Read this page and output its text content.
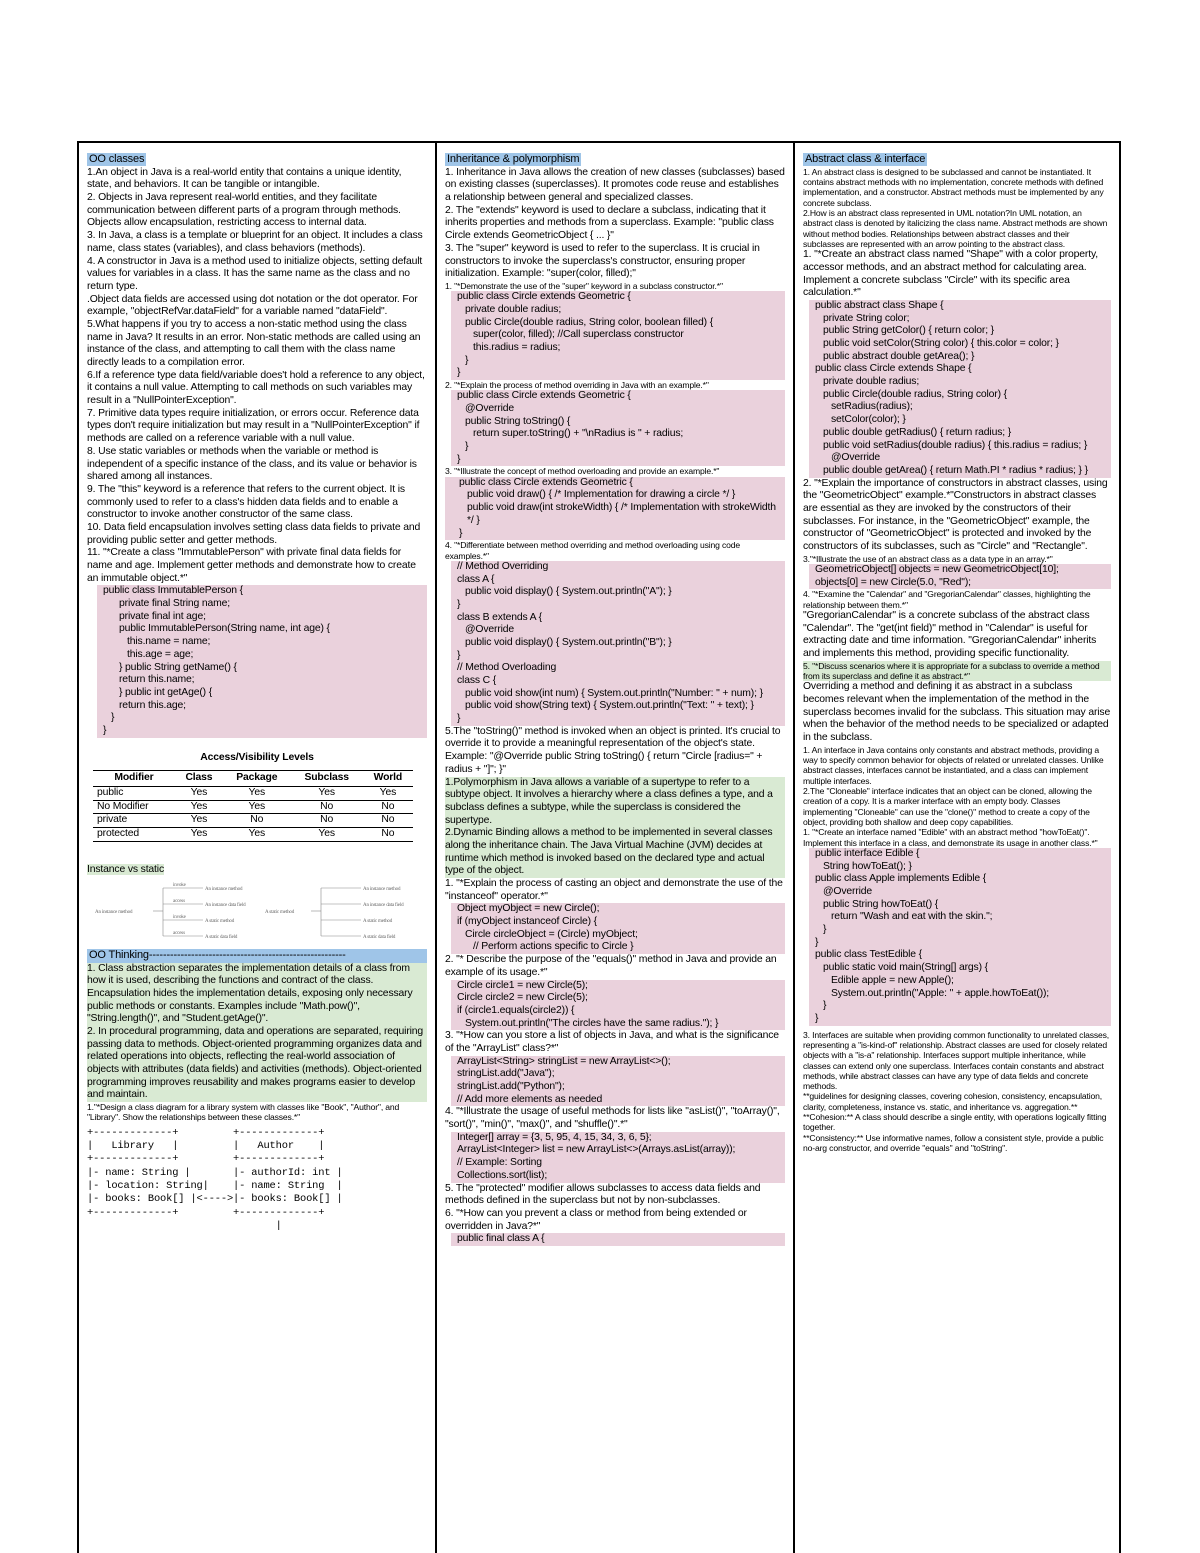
OO classes

1.An object in Java is a real-world entity that contains a unique identity, state, and behaviors. It can be tangible or intangible.

2. Objects in Java represent real-world entities, and they facilitate communication between different parts of a program through methods. Objects allow encapsulation, restricting access to internal data.

3. In Java, a class is a template or blueprint for an object. It includes a class name, class states (variables), and class behaviors (methods).

4. A constructor in Java is a method used to initialize objects, setting default values for variables in a class. It has the same name as the class and no return type.

.Object data fields are accessed using dot notation or the dot operator. For example, "objectRefVar.dataField" for a variable named "dataField".

5.What happens if you try to access a non-static method using the class name in Java? It results in an error. Non-static methods are called using an instance of the class, and attempting to call them with the class name directly leads to a compilation error.

6.If a reference type data field/variable does't hold a reference to any object, it contains a null value. Attempting to call methods on such variables may result in a "NullPointerException".

7. Primitive data types require initialization, or errors occur. Reference data types don't require initialization but may result in a "NullPointerException" if methods are called on a reference variable with a null value.

8. Use static variables or methods when the variable or method is independent of a specific instance of the class, and its value or behavior is shared among all instances.

9. The "this" keyword is a reference that refers to the current object. It is commonly used to refer to a class's hidden data fields and to enable a constructor to invoke another constructor of the same class.

10. Data field encapsulation involves setting class data fields to private and providing public setter and getter methods.

11. "*Create a class "ImmutablePerson" with private final data fields for name and age. Implement getter methods and demonstrate how to create an immutable object.*"

public class ImmutablePerson {
private final String name;
private final int age;
public ImmutablePerson(String name, int age) {
this.name = name;
this.age = age;
} public String getName() {
return this.name;
} public int getAge() {
return this.age;
}
}
Access/Visibility Levels
Modifier	Class	Package	Subclass	World
public	Yes	Yes	Yes	Yes
No Modifier	Yes	Yes	No	No
private	Yes	No	No	No
protected	Yes	Yes	Yes	No
Instance vs static
An instance method
invoke
access
invoke
access
An instance method
An instance data field
A static method
A static data field
A static method
An instance method
An instance data field
A static method
A static data field
OO Thinking--------------------------------------------------------

1. Class abstraction separates the implementation details of a class from how it is used, describing the functions and contract of the class. Encapsulation hides the implementation details, exposing only necessary public methods or constants. Examples include "Math.pow()", "String.length()", and "Student.getAge()".

2. In procedural programming, data and operations are separated, requiring passing data to methods. Object-oriented programming organizes data and related operations into objects, reflecting the real-world association of objects with attributes (data fields) and activities (methods). Object-oriented programming improves reusability and makes programs easier to develop and maintain.

1."*Design a class diagram for a library system with classes like "Book", "Author", and "Library". Show the relationships between these classes.*"

+-------------+         +-------------+
|   Library   |         |   Author    |
+-------------+         +-------------+
|- name: String |       |- authorId: int |
|- location: String|    |- name: String  |
|- books: Book[] |<---->|- books: Book[] |
+-------------+         +-------------+
|
Inheritance & polymorphism

1. Inheritance in Java allows the creation of new classes (subclasses) based on existing classes (superclasses). It promotes code reuse and establishes a relationship between general and specialized classes.

2. The "extends" keyword is used to declare a subclass, indicating that it inherits properties and methods from a superclass. Example: "public class Circle extends GeometricObject { ... }"

3. The "super" keyword is used to refer to the superclass. It is crucial in constructors to invoke the superclass's constructor, ensuring proper initialization. Example: "super(color, filled);"

1. "*Demonstrate the use of the "super" keyword in a subclass constructor.*"

public class Circle extends Geometric {
private double radius;
public Circle(double radius, String color, boolean filled) {
super(color, filled); //Call superclass constructor
this.radius = radius;
}
}

2. "*Explain the process of method overriding in Java with an example.*"

public class Circle extends Geometric {
@Override
public String toString() {
return super.toString() + "\nRadius is " + radius;
}
}

3. "*Illustrate the concept of method overloading and provide an example.*"

public class Circle extends Geometric {
public void draw() { /* Implementation for drawing a circle */ }
public void draw(int strokeWidth) { /* Implementation with strokeWidth */ }
}

4. "*Differentiate between method overriding and method overloading using code examples.*"

// Method Overriding
class A {
public void display() { System.out.println("A"); }
}
class B extends A {
@Override
public void display() { System.out.println("B"); }
}
// Method Overloading
class C {
public void show(int num) { System.out.println("Number: " + num); }
public void show(String text) { System.out.println("Text: " + text); }
}

5.The "toString()" method is invoked when an object is printed. It's crucial to override it to provide a meaningful representation of the object's state. Example: "@Override public String toString() { return "Circle [radius=" + radius + "]"; }"

1.Polymorphism in Java allows a variable of a supertype to refer to a subtype object. It involves a hierarchy where a class defines a type, and a subclass defines a subtype, while the superclass is considered the supertype.

2.Dynamic Binding allows a method to be implemented in several classes along the inheritance chain. The Java Virtual Machine (JVM) decides at runtime which method is invoked based on the declared type and actual type of the object.

1. "*Explain the process of casting an object and demonstrate the use of the "instanceof" operator.*"

Object myObject = new Circle();
if (myObject instanceof Circle) {
Circle circleObject = (Circle) myObject;
// Perform actions specific to Circle }

2. "* Describe the purpose of the "equals()" method in Java and provide an example of its usage.*"

Circle circle1 = new Circle(5);
Circle circle2 = new Circle(5);
if (circle1.equals(circle2)) {
System.out.println("The circles have the same radius."); }

3. "*How can you store a list of objects in Java, and what is the significance of the "ArrayList" class?*"

ArrayList<String> stringList = new ArrayList<>();
stringList.add("Java");
stringList.add("Python");
// Add more elements as needed

4. "*Illustrate the usage of useful methods for lists like "asList()", "toArray()", "sort()", "min()", "max()", and "shuffle()".*"

Integer[] array = {3, 5, 95, 4, 15, 34, 3, 6, 5};
ArrayList<Integer> list = new ArrayList<>(Arrays.asList(array));
// Example: Sorting
Collections.sort(list);

5. The "protected" modifier allows subclasses to access data fields and methods defined in the superclass but not by non-subclasses.

6. "*How can you prevent a class or method from being extended or overridden in Java?*"

public final class A {
Abstract class & interface

1. An abstract class is designed to be subclassed and cannot be instantiated. It contains abstract methods with no implementation, concrete methods with defined implementation, and a constructor. Abstract methods must be implemented by any concrete subclass.

2.How is an abstract class represented in UML notation?In UML notation, an abstract class is denoted by italicizing the class name. Abstract methods are shown without method bodies. Relationships between abstract classes and their subclasses are represented with an arrow pointing to the abstract class.

1. "*Create an abstract class named "Shape" with a color property, accessor methods, and an abstract method for calculating area. Implement a concrete subclass "Circle" with its specific area calculation.*"

public abstract class Shape {
private String color;
public String getColor() { return color; }
public void setColor(String color) { this.color = color; }
public abstract double getArea(); }
public class Circle extends Shape {
private double radius;
public Circle(double radius, String color) {
setRadius(radius);
setColor(color); }
public double getRadius() { return radius; }
public void setRadius(double radius) { this.radius = radius; }
@Override
public double getArea() { return Math.PI * radius * radius; } }

2. "*Explain the importance of constructors in abstract classes, using the "GeometricObject" example.*"Constructors in abstract classes are essential as they are invoked by the constructors of their subclasses. For instance, in the "GeometricObject" example, the constructor of "GeometricObject" is protected and invoked by the constructors of its subclasses, such as "Circle" and "Rectangle".

3."*Illustrate the use of an abstract class as a data type in an array.*"

GeometricObject[] objects = new GeometricObject[10];
objects[0] = new Circle(5.0, "Red");

4. "*Examine the "Calendar" and "GregorianCalendar" classes, highlighting the relationship between them.*"

"GregorianCalendar" is a concrete subclass of the abstract class "Calendar". The "get(int field)" method in "Calendar" is useful for extracting date and time information. "GregorianCalendar" inherits and implements this method, providing specific functionality.

5. "*Discuss scenarios where it is appropriate for a subclass to override a method from its superclass and define it as abstract.*"

Overriding a method and defining it as abstract in a subclass becomes relevant when the implementation of the method in the superclass becomes invalid for the subclass. This situation may arise when the behavior of the method needs to be specialized or adapted in the subclass.

1. An interface in Java contains only constants and abstract methods, providing a way to specify common behavior for objects of related or unrelated classes. Unlike abstract classes, interfaces cannot be instantiated, and a class can implement multiple interfaces.

2.The "Cloneable" interface indicates that an object can be cloned, allowing the creation of a copy. It is a marker interface with an empty body. Classes implementing "Cloneable" can use the "clone()" method to create a copy of the object, providing both shallow and deep copy capabilities.

1. "*Create an interface named "Edible" with an abstract method "howToEat()". Implement this interface in a class, and demonstrate its usage in another class.*"

public interface Edible {
String howToEat(); }
public class Apple implements Edible {
@Override
public String howToEat() {
return "Wash and eat with the skin.";
}
}
public class TestEdible {
public static void main(String[] args) {
Edible apple = new Apple();
System.out.println("Apple: " + apple.howToEat());
}
}

3. Interfaces are suitable when providing common functionality to unrelated classes, representing a "is-kind-of" relationship. Abstract classes are used for closely related objects with a "is-a" relationship. Interfaces support multiple inheritance, while classes can extend only one superclass. Interfaces contain constants and abstract methods, while abstract classes can have any type of data fields and concrete methods.

**guidelines for designing classes, covering cohesion, consistency, encapsulation, clarity, completeness, instance vs. static, and inheritance vs. aggregation.**

**Cohesion:** A class should describe a single entity, with operations logically fitting together.

**Consistency:** Use informative names, follow a consistent style, provide a public no-arg constructor, and override "equals" and "toString".
